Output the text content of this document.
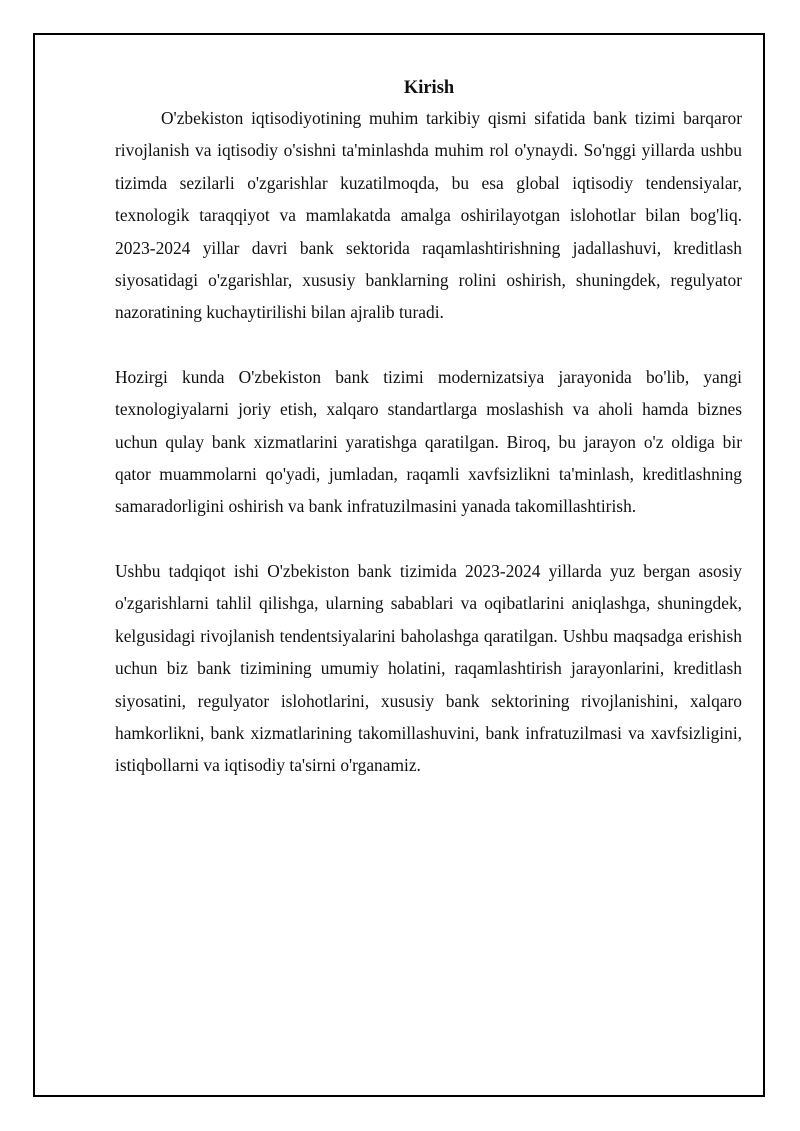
Kirish

O'zbekiston iqtisodiyotining muhim tarkibiy qismi sifatida bank tizimi barqaror rivojlanish va iqtisodiy o'sishni ta'minlashda muhim rol o'ynaydi. So'nggi yillarda ushbu tizimda sezilarli o'zgarishlar kuzatilmoqda, bu esa global iqtisodiy tendensiyalar, texnologik taraqqiyot va mamlakatda amalga oshirilayotgan islohotlar bilan bog'liq. 2023-2024 yillar davri bank sektorida raqamlashtirishning jadallashuvi, kreditlash siyosatidagi o'zgarishlar, xususiy banklarning rolini oshirish, shuningdek, regulyator nazoratining kuchaytirilishi bilan ajralib turadi.

Hozirgi kunda O'zbekiston bank tizimi modernizatsiya jarayonida bo'lib, yangi texnologiyalarni joriy etish, xalqaro standartlarga moslashish va aholi hamda biznes uchun qulay bank xizmatlarini yaratishga qaratilgan. Biroq, bu jarayon o'z oldiga bir qator muammolarni qo'yadi, jumladan, raqamli xavfsizlikni ta'minlash, kreditlashning samaradorligini oshirish va bank infratuzilmasini yanada takomillashtirish.

Ushbu tadqiqot ishi O'zbekiston bank tizimida 2023-2024 yillarda yuz bergan asosiy o'zgarishlarni tahlil qilishga, ularning sabablari va oqibatlarini aniqlashga, shuningdek, kelgusidagi rivojlanish tendentsiyalarini baholashga qaratilgan. Ushbu maqsadga erishish uchun biz bank tizimining umumiy holatini, raqamlashtirish jarayonlarini, kreditlash siyosatini, regulyator islohotlarini, xususiy bank sektorining rivojlanishini, xalqaro hamkorlikni, bank xizmatlarining takomillashuvini, bank infratuzilmasi va xavfsizligini, istiqbollarni va iqtisodiy ta'sirni o'rganamiz.
